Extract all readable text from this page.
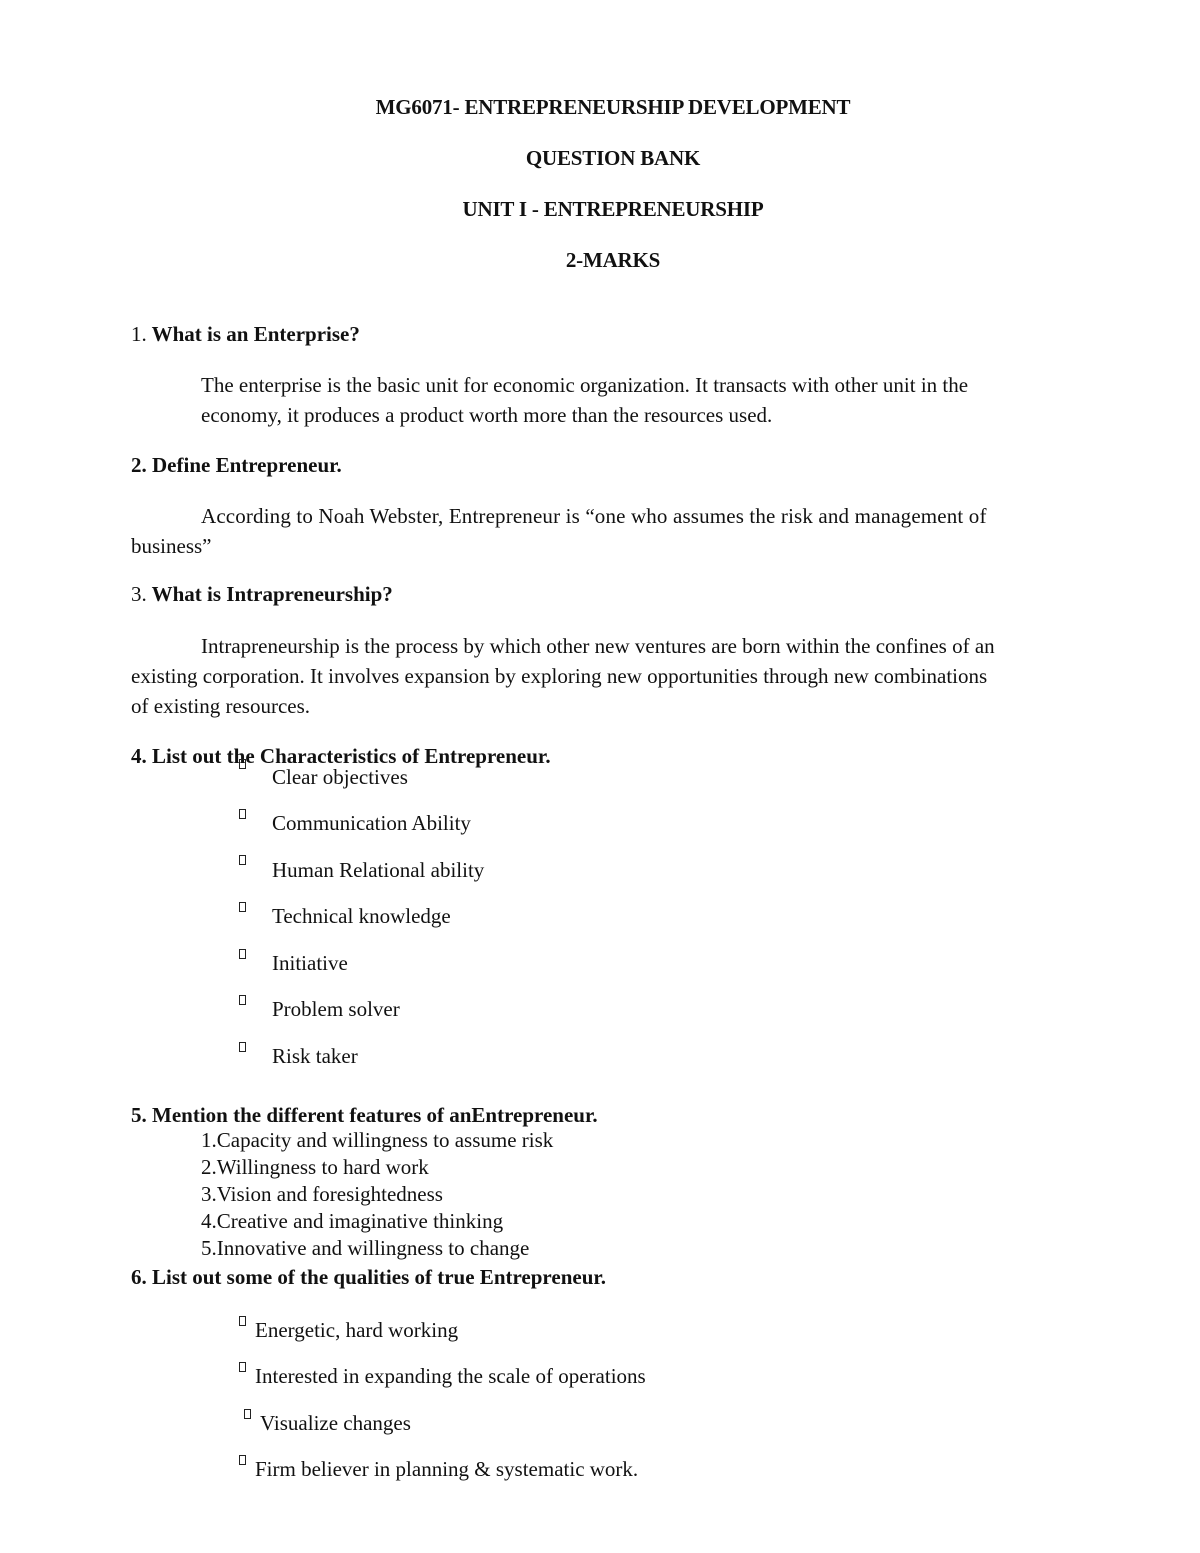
MG6071- ENTREPRENEURSHIP DEVELOPMENT
QUESTION BANK
UNIT I - ENTREPRENEURSHIP
2-MARKS
1. What is an Enterprise?
The enterprise is the basic unit for economic organization. It transacts with other unit in the
economy, it produces a product worth more than the resources used.
2. Define Entrepreneur.
According to Noah Webster, Entrepreneur is “one who assumes the risk and management of
business”
3. What is Intrapreneurship?
Intrapreneurship is the process by which other new ventures are born within the confines of an
existing corporation. It involves expansion by exploring new opportunities through new combinations
of existing resources.
4. List out the Characteristics of Entrepreneur.
Clear objectives
Communication Ability
Human Relational ability
Technical knowledge
Initiative
Problem solver
Risk taker
5. Mention the different features of anEntrepreneur.
1.Capacity and willingness to assume risk
2.Willingness to hard work
3.Vision and foresightedness
4.Creative and imaginative thinking
5.Innovative and willingness to change
6. List out some of the qualities of true Entrepreneur.
Energetic, hard working
Interested in expanding the scale of operations
Visualize changes
Firm believer in planning & systematic work.
